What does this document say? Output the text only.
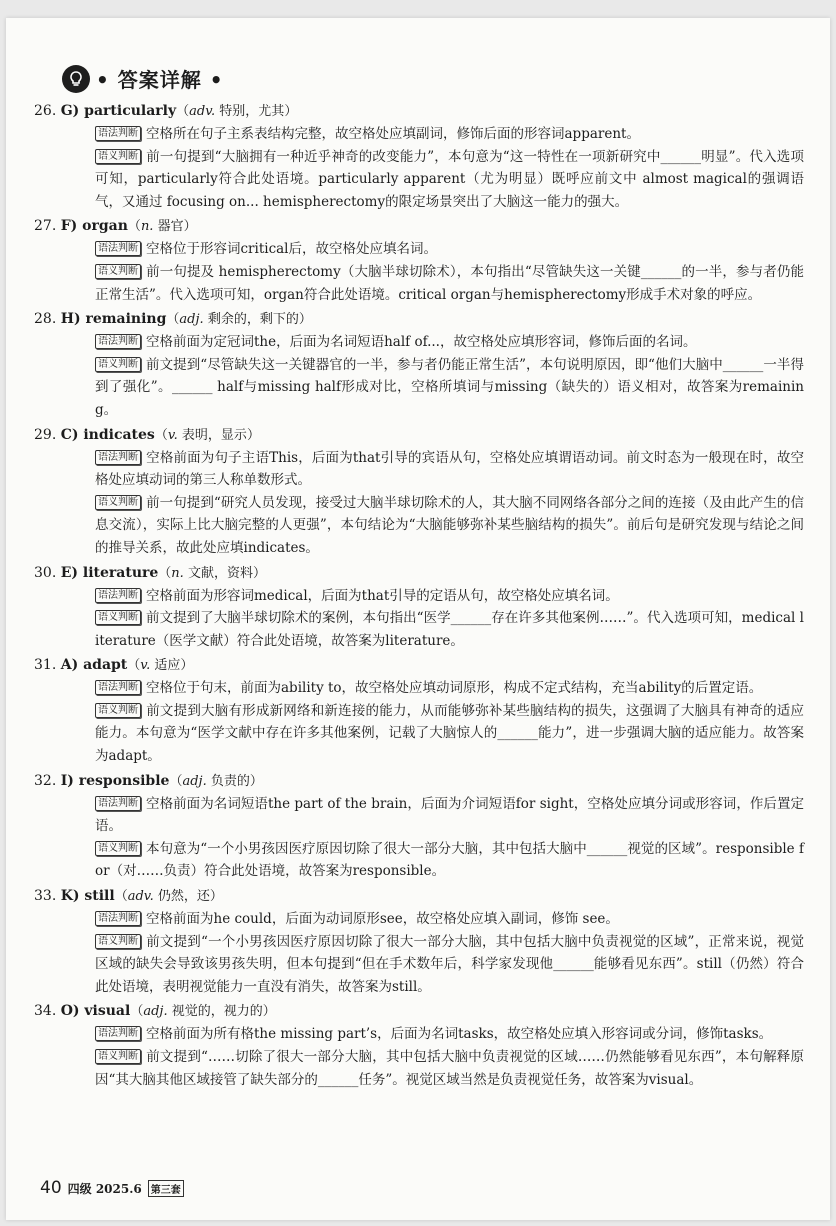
• 答案详解 •
26. G) particularly（adv. 特别，尤其）
语法判断 空格所在句子主系表结构完整，故空格处应填副词，修饰后面的形容词apparent。
语义判断 前一句提到“大脑拥有一种近乎神奇的改变能力”，本句意为“这一特性在一项新研究中______明显”。代入选项可知，particularly符合此处语境。particularly apparent（尤为明显）既呼应前文中 almost magical的强调语气，又通过 focusing on... hemispherectomy的限定场景突出了大脑这一能力的强大。
27. F) organ（n. 器官）
语法判断 空格位于形容词critical后，故空格处应填名词。
语义判断 前一句提及 hemispherectomy（大脑半球切除术），本句指出“尽管缺失这一关键______的一半，参与者仍能正常生活”。代入选项可知，organ符合此处语境。critical organ与hemispherectomy形成手术对象的呼应。
28. H) remaining（adj. 剩余的，剩下的）
语法判断 空格前面为定冠词the，后面为名词短语half of...，故空格处应填形容词，修饰后面的名词。
语义判断 前文提到“尽管缺失这一关键器官的一半，参与者仍能正常生活”，本句说明原因，即“他们大脑中______一半得到了强化”。______ half与missing half形成对比，空格所填词与missing（缺失的）语义相对，故答案为remaining。
29. C) indicates（v. 表明，显示）
语法判断 空格前面为句子主语This，后面为that引导的宾语从句，空格处应填谓语动词。前文时态为一般现在时，故空格处应填动词的第三人称单数形式。
语义判断 前一句提到“研究人员发现，接受过大脑半球切除术的人，其大脑不同网络各部分之间的连接（及由此产生的信息交流），实际上比大脑完整的人更强”，本句结论为“大脑能够弥补某些脑结构的损失”。前后句是研究发现与结论之间的推导关系，故此处应填indicates。
30. E) literature（n. 文献，资料）
语法判断 空格前面为形容词medical，后面为that引导的定语从句，故空格处应填名词。
语义判断 前文提到了大脑半球切除术的案例，本句指出“医学______存在许多其他案例……”。代入选项可知，medical literature（医学文献）符合此处语境，故答案为literature。
31. A) adapt（v. 适应）
语法判断 空格位于句末，前面为ability to，故空格处应填动词原形，构成不定式结构，充当ability的后置定语。
语义判断 前文提到大脑有形成新网络和新连接的能力，从而能够弥补某些脑结构的损失，这强调了大脑具有神奇的适应能力。本句意为“医学文献中存在许多其他案例，记载了大脑惊人的______能力”，进一步强调大脑的适应能力。故答案为adapt。
32. I) responsible（adj. 负责的）
语法判断 空格前面为名词短语the part of the brain，后面为介词短语for sight，空格处应填分词或形容词，作后置定语。
语义判断 本句意为“一个小男孩因医疗原因切除了很大一部分大脑，其中包括大脑中______视觉的区域”。responsible for（对……负责）符合此处语境，故答案为responsible。
33. K) still（adv. 仍然，还）
语法判断 空格前面为he could，后面为动词原形see，故空格处应填入副词，修饰 see。
语义判断 前文提到“一个小男孩因医疗原因切除了很大一部分大脑，其中包括大脑中负责视觉的区域”，正常来说，视觉区域的缺失会导致该男孩失明，但本句提到“但在手术数年后，科学家发现他______能够看见东西”。still（仍然）符合此处语境，表明视觉能力一直没有消失，故答案为still。
34. O) visual（adj. 视觉的，视力的）
语法判断 空格前面为所有格the missing part’s，后面为名词tasks，故空格处应填入形容词或分词，修饰tasks。
语义判断 前文提到“……切除了很大一部分大脑，其中包括大脑中负责视觉的区域……仍然能够看见东西”，本句解释原因“其大脑其他区域接管了缺失部分的______任务”。视觉区域当然是负责视觉任务，故答案为visual。
40 四级 2025.6 第三套
